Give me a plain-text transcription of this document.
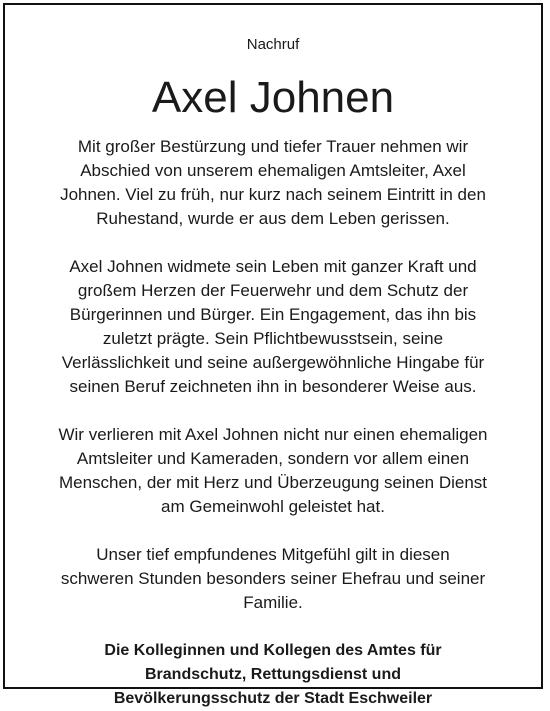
Nachruf
Axel Johnen
Mit großer Bestürzung und tiefer Trauer nehmen wir
Abschied von unserem ehemaligen Amtsleiter, Axel
Johnen. Viel zu früh, nur kurz nach seinem Eintritt in den
Ruhestand, wurde er aus dem Leben gerissen.
Axel Johnen widmete sein Leben mit ganzer Kraft und
großem Herzen der Feuerwehr und dem Schutz der
Bürgerinnen und Bürger. Ein Engagement, das ihn bis
zuletzt prägte. Sein Pflichtbewusstsein, seine
Verlässlichkeit und seine außergewöhnliche Hingabe für
seinen Beruf zeichneten ihn in besonderer Weise aus.
Wir verlieren mit Axel Johnen nicht nur einen ehemaligen
Amtsleiter und Kameraden, sondern vor allem einen
Menschen, der mit Herz und Überzeugung seinen Dienst
am Gemeinwohl geleistet hat.
Unser tief empfundenes Mitgefühl gilt in diesen
schweren Stunden besonders seiner Ehefrau und seiner
Familie.
Die Kolleginnen und Kollegen des Amtes für
Brandschutz, Rettungsdienst und
Bevölkerungsschutz der Stadt Eschweiler
